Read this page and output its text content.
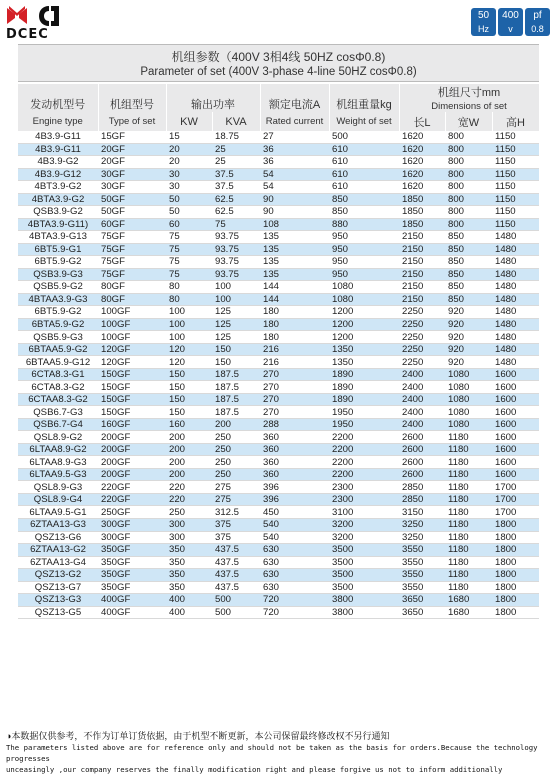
DCEC
50
Hz
400
v
pf
0.8
机组参数（400V 3相4线 50HZ cosΦ0.8)
Parameter of set (400V 3-phase 4-line 50HZ cosΦ0.8)
发动机型号	机组型号	输出功率		额定电流A	机组重量kg	机组尺寸mm
Dimensions of set		
Engine type	Type of set	KW	KVA	Rated current	Weight of set	长L	宽W	高H
4B3.9-G11	15GF	15	18.75	27	500	1620	800	1150
4B3.9-G11	20GF	20	25	36	610	1620	800	1150
4B3.9-G2	20GF	20	25	36	610	1620	800	1150
4B3.9-G12	30GF	30	37.5	54	610	1620	800	1150
4BT3.9-G2	30GF	30	37.5	54	610	1620	800	1150
4BTA3.9-G2	50GF	50	62.5	90	850	1850	800	1150
QSB3.9-G2	50GF	50	62.5	90	850	1850	800	1150
4BTA3.9-G11)	60GF	60	75	108	880	1850	800	1150
4BTA3.9-G13	75GF	75	93.75	135	950	2150	850	1480
6BT5.9-G1	75GF	75	93.75	135	950	2150	850	1480
6BT5.9-G2	75GF	75	93.75	135	950	2150	850	1480
QSB3.9-G3	75GF	75	93.75	135	950	2150	850	1480
QSB5.9-G2	80GF	80	100	144	1080	2150	850	1480
4BTAA3.9-G3	80GF	80	100	144	1080	2150	850	1480
6BT5.9-G2	100GF	100	125	180	1200	2250	920	1480
6BTA5.9-G2	100GF	100	125	180	1200	2250	920	1480
QSB5.9-G3	100GF	100	125	180	1200	2250	920	1480
6BTAA5.9-G2	120GF	120	150	216	1350	2250	920	1480
6BTAA5.9-G12	120GF	120	150	216	1350	2250	920	1480
6CTA8.3-G1	150GF	150	187.5	270	1890	2400	1080	1600
6CTA8.3-G2	150GF	150	187.5	270	1890	2400	1080	1600
6CTAA8.3-G2	150GF	150	187.5	270	1890	2400	1080	1600
QSB6.7-G3	150GF	150	187.5	270	1950	2400	1080	1600
QSB6.7-G4	160GF	160	200	288	1950	2400	1080	1600
QSL8.9-G2	200GF	200	250	360	2200	2600	1180	1600
6LTAA8.9-G2	200GF	200	250	360	2200	2600	1180	1600
6LTAA8.9-G3	200GF	200	250	360	2200	2600	1180	1600
6LTAA9.5-G3	200GF	200	250	360	2200	2600	1180	1600
QSL8.9-G3	220GF	220	275	396	2300	2850	1180	1700
QSL8.9-G4	220GF	220	275	396	2300	2850	1180	1700
6LTAA9.5-G1	250GF	250	312.5	450	3100	3150	1180	1700
6ZTAA13-G3	300GF	300	375	540	3200	3250	1180	1800
QSZ13-G6	300GF	300	375	540	3200	3250	1180	1800
6ZTAA13-G2	350GF	350	437.5	630	3500	3550	1180	1800
6ZTAA13-G4	350GF	350	437.5	630	3500	3550	1180	1800
QSZ13-G2	350GF	350	437.5	630	3500	3550	1180	1800
QSZ13-G7	350GF	350	437.5	630	3500	3550	1180	1800
QSZ13-G3	400GF	400	500	720	3800	3650	1680	1800
QSZ13-G5	400GF	400	500	720	3800	3650	1680	1800
◑本数据仅供参考，不作为订单订货依据，由于机型不断更新，本公司保留最终修改权不另行通知
The parameters listed above are for reference only and should not be taken as the basis for orders.Because the technology progresses
unceasingly ,our company reserves the finally modification right and please forgive us not to inform additionally
